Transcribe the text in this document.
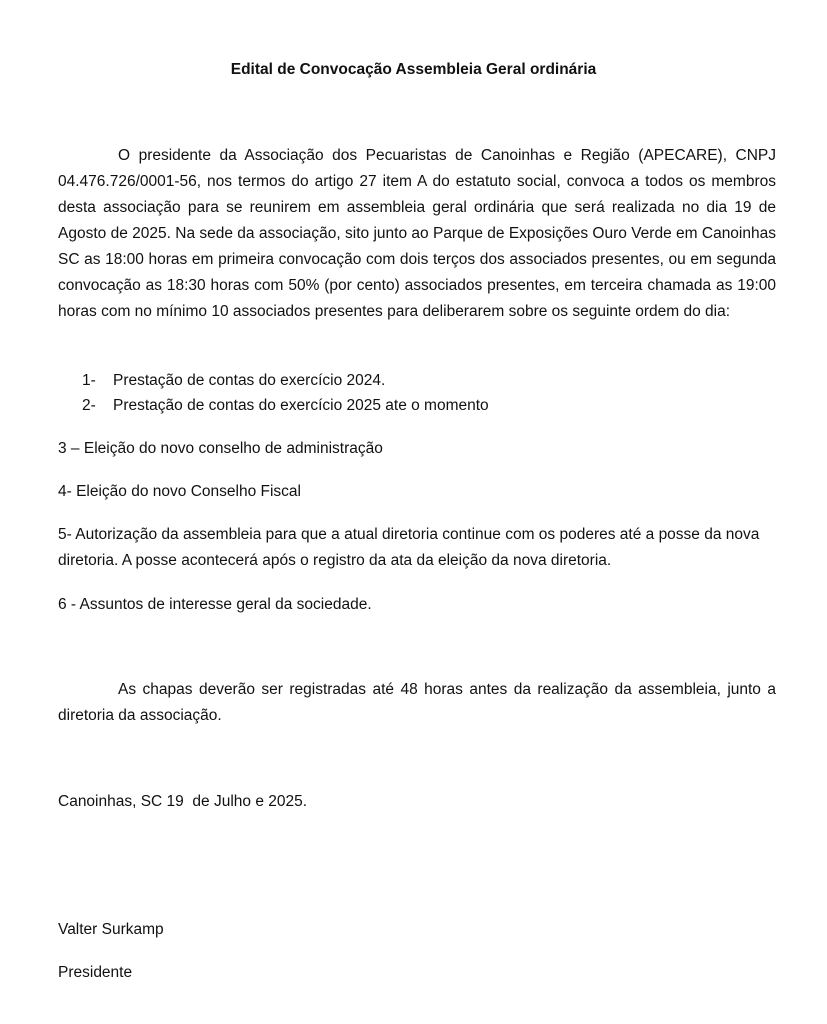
Edital de Convocação Assembleia Geral ordinária

O presidente da Associação dos Pecuaristas de Canoinhas e Região (APECARE), CNPJ 04.476.726/0001-56, nos termos do artigo 27 item A do estatuto social, convoca a todos os membros desta associação para se reunirem em assembleia geral ordinária que será realizada no dia 19 de Agosto de 2025. Na sede da associação, sito junto ao Parque de Exposições Ouro Verde em Canoinhas SC as 18:00 horas em primeira convocação com dois terços dos associados presentes, ou em segunda convocação as 18:30 horas com 50% (por cento) associados presentes, em terceira chamada as 19:00 horas com no mínimo 10 associados presentes para deliberarem sobre os seguinte ordem do dia:

1- Prestação de contas do exercício 2024.
2- Prestação de contas do exercício 2025 ate o momento
3 – Eleição do novo conselho de administração
4- Eleição do novo Conselho Fiscal

5- Autorização da assembleia para que a atual diretoria continue com os poderes até a posse da nova diretoria. A posse acontecerá após o registro da ata da eleição da nova diretoria.

6 - Assuntos de interesse geral da sociedade.

As chapas deverão ser registradas até 48 horas antes da realização da assembleia, junto a diretoria da associação.

Canoinhas, SC 19  de Julho e 2025.
Valter Surkamp
Presidente
